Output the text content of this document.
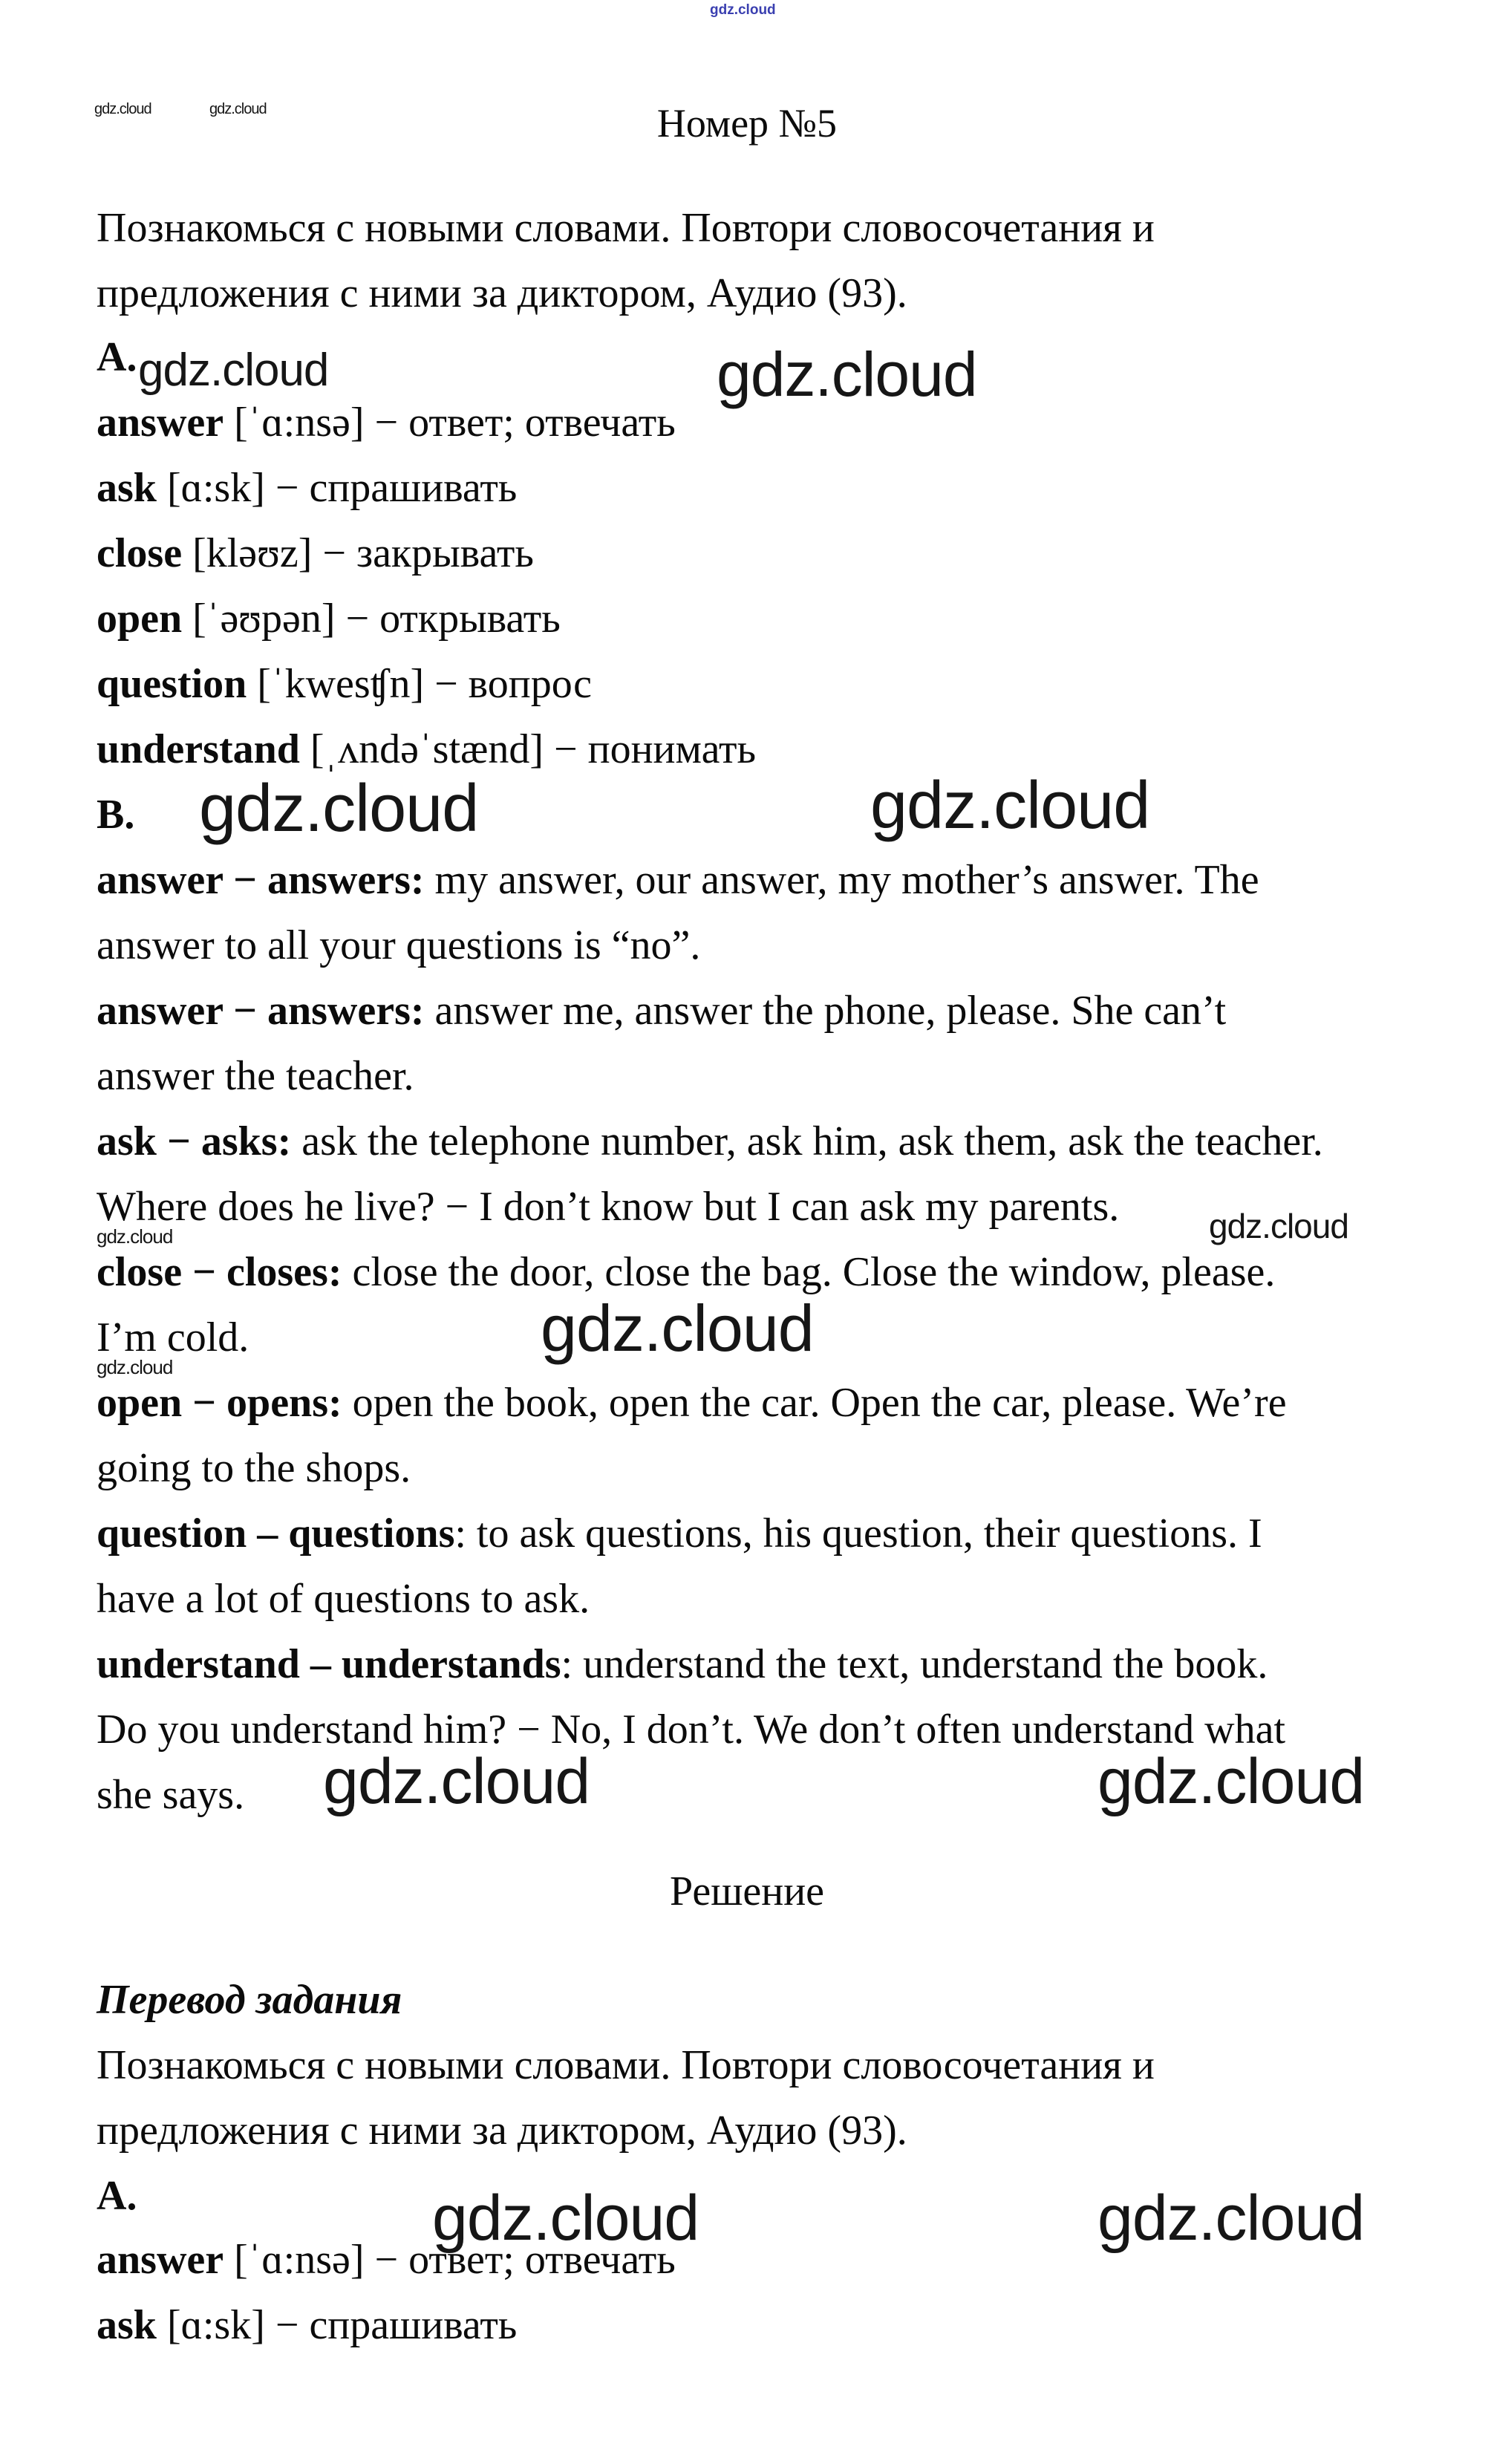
gdz.cloud
gdz.cloud	gdz.cloud
gdz.cloud	gdz.cloud
gdz.cloud	gdz.cloud
gdz.cloud	gdz.cloud
gdz.cloud
gdz.cloud
gdz.cloud	gdz.cloud
gdz.cloud	gdz.cloud
Номер №5
Познакомься с новыми словами. Повтори словосочетания и
предложения с ними за диктором, Аудио (93).
A.
answer [ˈɑ:nsə] − ответ; отвечать
ask [ɑ:sk] − спрашивать
close [kləʊz] − закрывать
open [ˈəʊpən] − открывать
question [ˈkwesʧn] − вопрос
understand [ˌʌndəˈstænd] − понимать
B.
answer − answers: my answer, our answer, my mother’s answer. The
answer to all your questions is “no”.
answer − answers: answer me, answer the phone, please. She can’t
answer the teacher.
ask − asks: ask the telephone number, ask him, ask them, ask the teacher.
Where does he live? − I don’t know but I can ask my parents.
close − closes: close the door, close the bag. Close the window, please.
I’m cold.
open − opens: open the book, open the car. Open the car, please. We’re
going to the shops.
question – questions: to ask questions, his question, their questions. I
have a lot of questions to ask.
understand – understands: understand the text, understand the book.
Do you understand him? − No, I don’t. We don’t often understand what
she says.
Решение
Перевод задания
Познакомься с новыми словами. Повтори словосочетания и
предложения с ними за диктором, Аудио (93).
A.
answer [ˈɑ:nsə] − ответ; отвечать
ask [ɑ:sk] − спрашивать
